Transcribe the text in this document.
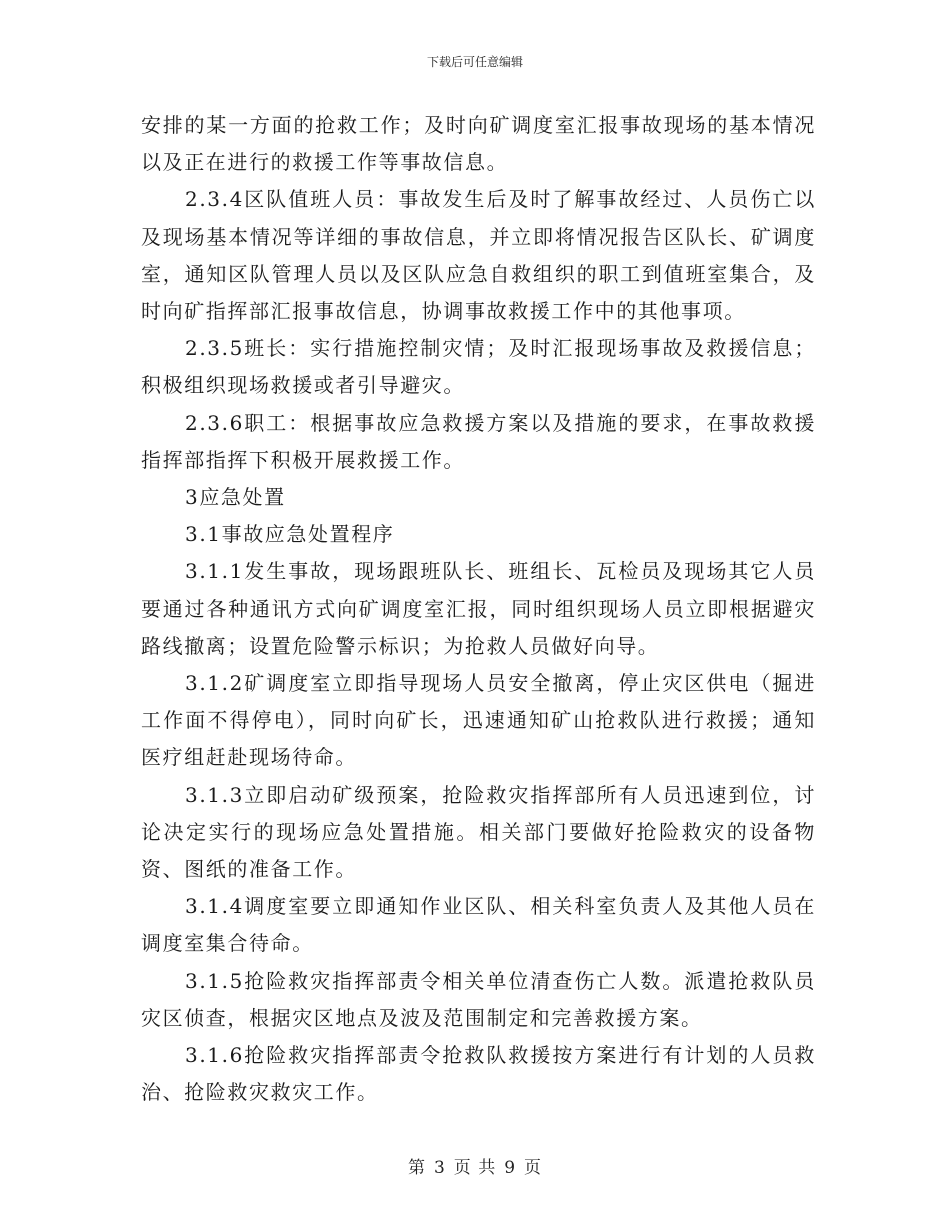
下载后可任意编辑

安排的某一方面的抢救工作；及时向矿调度室汇报事故现场的基本情况以及正在进行的救援工作等事故信息。

2.3.4区队值班人员：事故发生后及时了解事故经过、人员伤亡以及现场基本情况等详细的事故信息，并立即将情况报告区队长、矿调度室，通知区队管理人员以及区队应急自救组织的职工到值班室集合，及时向矿指挥部汇报事故信息，协调事故救援工作中的其他事项。

2.3.5班长：实行措施控制灾情；及时汇报现场事故及救援信息；积极组织现场救援或者引导避灾。

2.3.6职工：根据事故应急救援方案以及措施的要求，在事故救援指挥部指挥下积极开展救援工作。

3应急处置

3.1事故应急处置程序

3.1.1发生事故，现场跟班队长、班组长、瓦检员及现场其它人员要通过各种通讯方式向矿调度室汇报，同时组织现场人员立即根据避灾路线撤离；设置危险警示标识；为抢救人员做好向导。

3.1.2矿调度室立即指导现场人员安全撤离，停止灾区供电（掘进工作面不得停电），同时向矿长，迅速通知矿山抢救队进行救援；通知医疗组赶赴现场待命。

3.1.3立即启动矿级预案，抢险救灾指挥部所有人员迅速到位，讨论决定实行的现场应急处置措施。相关部门要做好抢险救灾的设备物资、图纸的准备工作。

3.1.4调度室要立即通知作业区队、相关科室负责人及其他人员在调度室集合待命。

3.1.5抢险救灾指挥部责令相关单位清查伤亡人数。派遣抢救队员灾区侦查，根据灾区地点及波及范围制定和完善救援方案。

3.1.6抢险救灾指挥部责令抢救队救援按方案进行有计划的人员救治、抢险救灾救灾工作。

第 3 页 共 9 页
